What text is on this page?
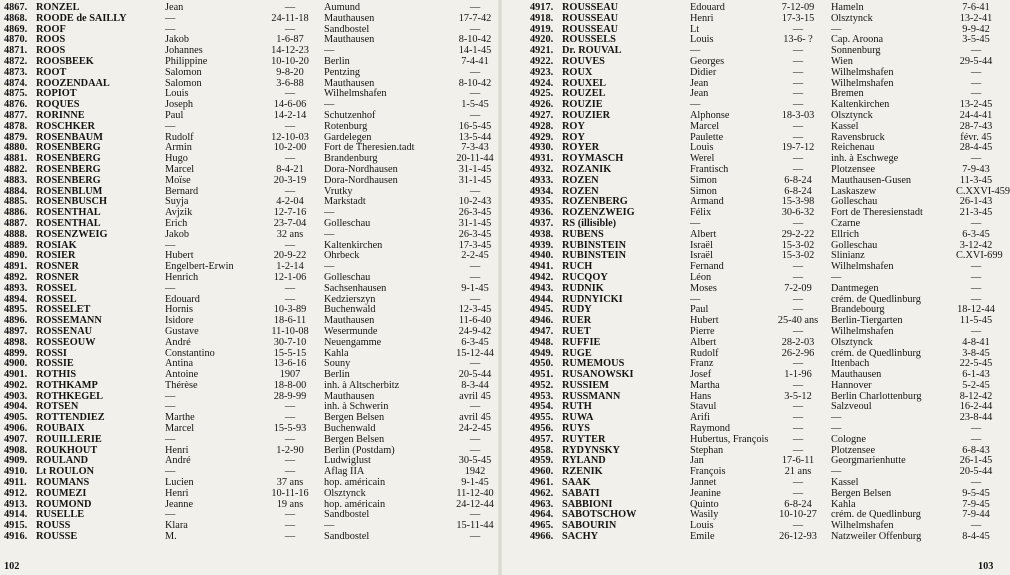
4867. RONZEL	Jean	—	Aumund	—
4868. ROODE de SAILLY	—	24-11-18	Mauthausen	17-7-42
4869. ROOF	—	—	Sandbostel	—
4870. ROOS	Jakob	1-6-87	Mauthausen	8-10-42
4871. ROOS	Johannes	14-12-23	—	14-1-45
4872. ROOSBEEK	Philippine	10-10-20	Berlin	7-4-41
4873. ROOT	Salomon	9-8-20	Pentzing	—
4874. ROOZENDAAL	Salomon	3-6-88	Mauthausen	8-10-42
4875. ROPIOT	Louis	—	Wilhelmshafen	—
4876. ROQUES	Joseph	14-6-06	—	1-5-45
4877. RORINNE	Paul	14-2-14	Schutzenhof	—
4878. ROSCHKER	—	—	Rotenburg	16-5-45
4879. ROSENBAUM	Rudolf	12-10-03	Gardelegen	13-5-44
4880. ROSENBERG	Armin	10-2-00	Fort de Theresien.tadt	7-3-43
4881. ROSENBERG	Hugo	—	Brandenburg	20-11-44
4882. ROSENBERG	Marcel	8-4-21	Dora-Nordhausen	31-1-45
4883. ROSENBERG	Moïse	20-3-19	Dora-Nordhausen	31-1-45
4884. ROSENBLUM	Bernard	—	Vrutky	—
4885. ROSENBUSCH	Suyja	4-2-04	Markstadt	10-2-43
4886. ROSENTHAL	Avjzik	12-7-16	—	26-3-45
4887. ROSENTHAL	Erich	23-7-04	Golleschau	31-1-45
4888. ROSENZWEIG	Jakob	32 ans	—	26-3-45
4889. ROSIAK	—	—	Kaltenkirchen	17-3-45
4890. ROSIER	Hubert	20-9-22	Ohrbeck	2-2-45
4891. ROSNER	Engelbert-Erwin	1-2-14	—	—
4892. ROSNER	Henrich	12-1-06	Golleschau	—
4893. ROSSEL	—	—	Sachsenhausen	9-1-45
4894. ROSSEL	Edouard	—	Kedzierszyn	—
4895. ROSSELET	Hornis	10-3-89	Buchenwald	12-3-45
4896. ROSSEMANN	Isidore	18-6-11	Mauthausen	11-6-40
4897. ROSSENAU	Gustave	11-10-08	Wesermunde	24-9-42
4898. ROSSEOUW	André	30-7-10	Neuengamme	6-3-45
4899. ROSSI	Constantino	15-5-15	Kahla	15-12-44
4900. ROSSIE	Antina	13-6-16	Souny	—
4901. ROTHIS	Antoine	1907	Berlin	20-5-44
4902. ROTHKAMP	Thérèse	18-8-00	inh. à Altscherbitz	8-3-44
4903. ROTHKEGEL	—	28-9-99	Mauthausen	avril 45
4904. ROTSEN	—	—	inh. à Schwerin	—
4905. ROTTENDIEZ	Marthe	—	Bergen Belsen	avril 45
4906. ROUBAIX	Marcel	15-5-93	Buchenwald	24-2-45
4907. ROUILLERIE	—	—	Bergen Belsen	—
4908. ROUKHOUT	Henri	1-2-90	Berlin (Postdam)	—
4909. ROULAND	André	—	Ludwiglust	30-5-45
4910. Lt ROULON	—	—	Aflag IIA	1942
4911. ROUMANS	Lucien	37 ans	hop. américain	9-1-45
4912. ROUMEZI	Henri	10-11-16	Olsztynck	11-12-40
4913. ROUMOND	Jeanne	19 ans	hop. américain	24-12-44
4914. RUSELLE	—	—	Sandbostel	—
4915. ROUSS	Klara	—	—	15-11-44
4916. ROUSSE	M.	—	Sandbostel	—
102
4917. ROUSSEAU	Edouard	7-12-09	Hameln	7-6-41
4918. ROUSSEAU	Henri	17-3-15	Olsztynck	13-2-41
4919. ROUSSEAU	Lt	—	—	9-9-42
4920. ROUSSELS	Louis	13-6- ?	Cap. Aroona	3-5-45
4921. Dr. ROUVAL	—	—	Sonnenburg	—
4922. ROUVES	Georges	—	Wien	29-5-44
4923. ROUX	Didier	—	Wilhelmshafen	—
4924. ROUXEL	Jean	—	Wilhelmshafen	—
4925. ROUZEL	Jean	—	Bremen	—
4926. ROUZIE	—	—	Kaltenkirchen	13-2-45
4927. ROUZIER	Alphonse	18-3-03	Olsztynck	24-4-41
4928. ROY	Marcel	—	Kassel	28-7-43
4929. ROY	Paulette	—	Ravensbruck	févr. 45
4930. ROYER	Louis	19-7-12	Reichenau	28-4-45
4931. ROYMASCH	Werel	—	inh. à Eschwege	—
4932. ROZANIK	Frantisch	—	Plotzensee	7-9-43
4933. ROZEN	Simon	6-8-24	Mauthausen-Gusen	11-3-45
4934. ROZEN	Simon	6-8-24	Laskaszew	C.XXVI-459
4935. ROZENBERG	Armand	15-3-98	Golleschau	26-1-43
4936. ROZENZWEIG	Félix	30-6-32	Fort de Theresienstadt	21-3-45
4937. RS (illisible)	—	—	Czarne	—
4938. RUBENS	Albert	29-2-22	Ellrich	6-3-45
4939. RUBINSTEIN	Israël	15-3-02	Golleschau	3-12-42
4940. RUBINSTEIN	Israël	15-3-02	Slinianz	C.XVI-699
4941. RUCH	Fernand	—	Wilhelmshafen	—
4942. RUCQOY	Léon	—	—	—
4943. RUDNIK	Moses	7-2-09	Dantmegen	—
4944. RUDNYICKI	—	—	crém. de Quedlinburg	—
4945. RUDY	Paul	—	Brandebourg	18-12-44
4946. RUER	Hubert	25-40 ans	Berlin-Tiergarten	11-5-45
4947. RUET	Pierre	—	Wilhelmshafen	—
4948. RUFFIE	Albert	28-2-03	Olsztynck	4-8-41
4949. RUGE	Rudolf	26-2-96	crém. de Quedlinburg	3-8-45
4950. RUMEMOUS	Franz	—	Ittenbach	22-5-45
4951. RUSANOWSKI	Josef	1-1-96	Mauthausen	6-1-43
4952. RUSSIEM	Martha	—	Hannover	5-2-45
4953. RUSSMANN	Hans	3-5-12	Berlin Charlottenburg	8-12-42
4954. RUTH	Stavul	—	Salzveoul	16-2-44
4955. RUWA	Arifi	—	—	23-8-44
4956. RUYS	Raymond	—	—	—
4957. RUYTER	Hubertus, François	—	Cologne	—
4958. RYDYNSKY	Stephan	—	Plotzensee	6-8-43
4959. RYLAND	Jan	17-6-11	Georgmarienhutte	26-1-45
4960. RZENIK	François	21 ans	—	20-5-44
4961. SAAK	Jannet	—	Kassel	—
4962. SABATI	Jeanine	—	Bergen Belsen	9-5-45
4963. SABBIONI	Quinto	6-8-24	Kahla	7-9-45
4964. SABOTSCHOW	Wasily	10-10-27	crém. de Quedlinburg	7-9-44
4965. SABOURIN	Louis	—	Wilhelmshafen	—
4966. SACHY	Emile	26-12-93	Natzweiler Offenburg	8-4-45
103
